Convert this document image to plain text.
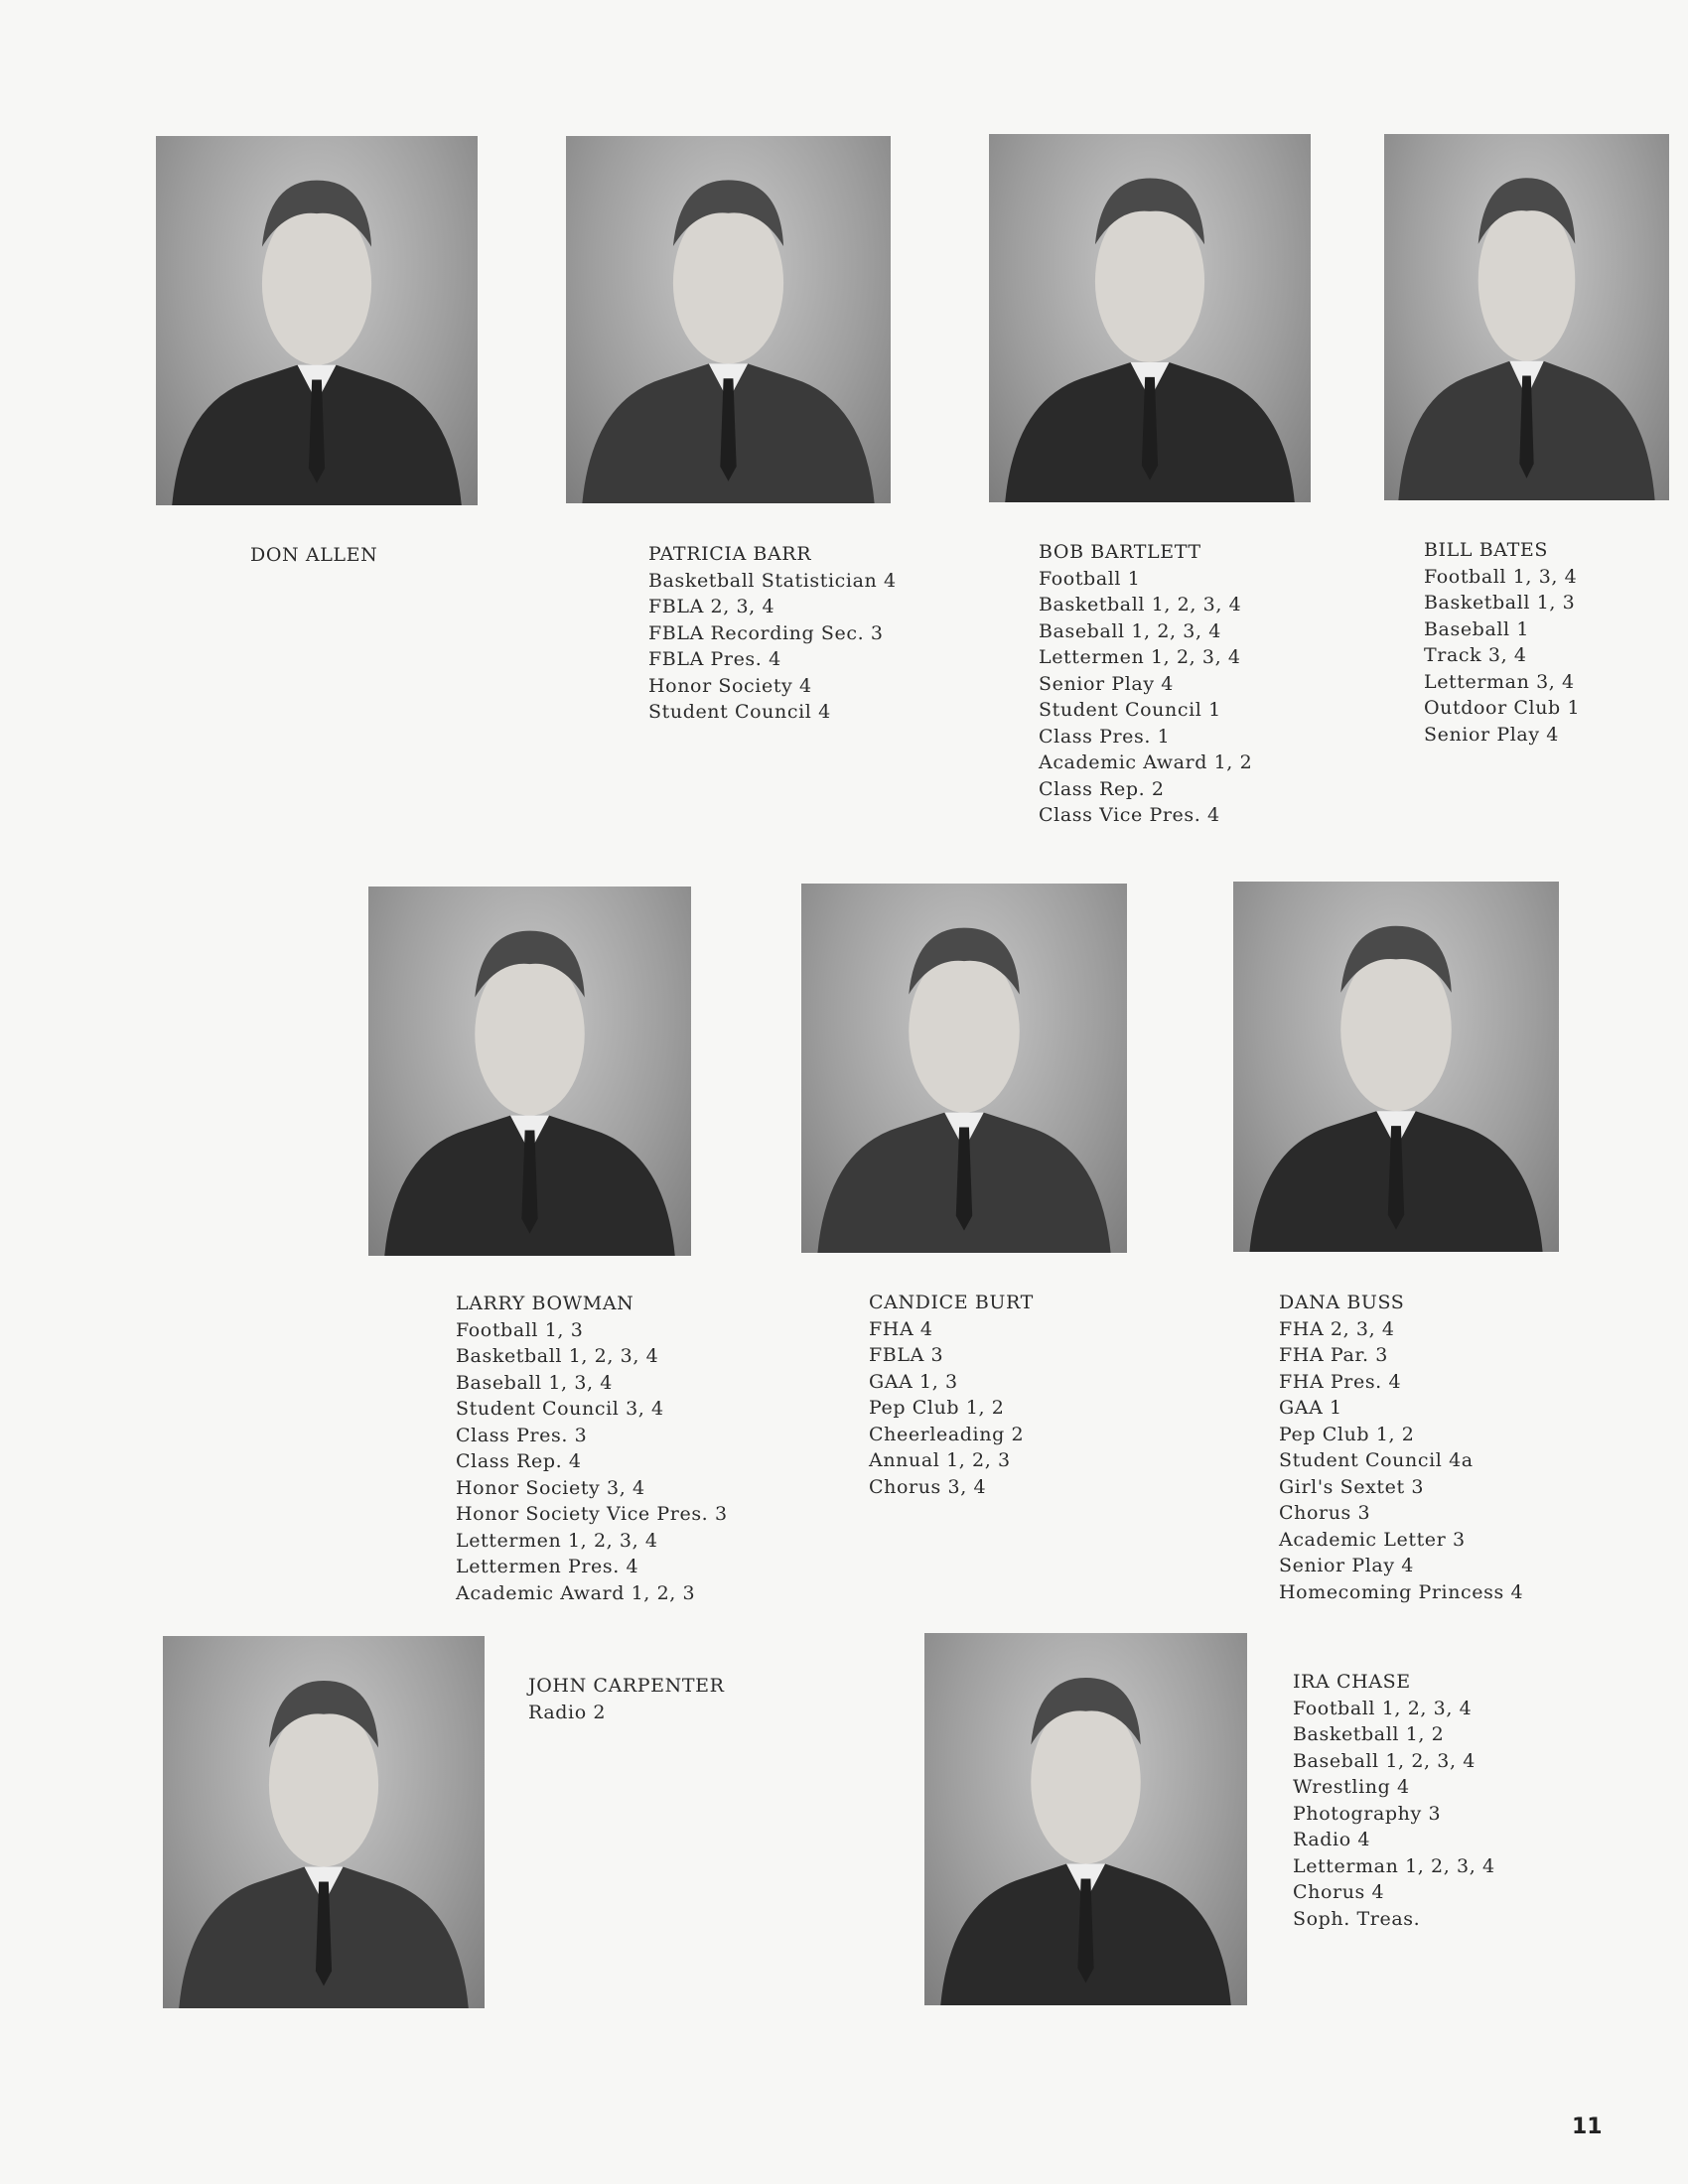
DON ALLEN	PATRICIA BARR
Basketball Statistician 4
FBLA 2, 3, 4
FBLA Recording Sec. 3
FBLA Pres. 4
Honor Society 4
Student Council 4
BOB BARTLETT
Football 1
Basketball 1, 2, 3, 4
Baseball 1, 2, 3, 4
Lettermen 1, 2, 3, 4
Senior Play 4
Student Council 1
Class Pres. 1
Academic Award 1, 2
Class Rep. 2
Class Vice Pres. 4
BILL BATES
Football 1, 3, 4
Basketball 1, 3
Baseball 1
Track 3, 4
Letterman 3, 4
Outdoor Club 1
Senior Play 4
LARRY BOWMAN
Football 1, 3
Basketball 1, 2, 3, 4
Baseball 1, 3, 4
Student Council 3, 4
Class Pres. 3
Class Rep. 4
Honor Society 3, 4
Honor Society Vice Pres. 3
Lettermen 1, 2, 3, 4
Lettermen Pres. 4
Academic Award 1, 2, 3
CANDICE BURT
FHA 4
FBLA 3
GAA 1, 3
Pep Club 1, 2
Cheerleading 2
Annual 1, 2, 3
Chorus 3, 4
DANA BUSS
FHA 2, 3, 4
FHA Par. 3
FHA Pres. 4
GAA 1
Pep Club 1, 2
Student Council 4a
Girl's Sextet 3
Chorus 3
Academic Letter 3
Senior Play 4
Homecoming Princess 4
JOHN CARPENTER
Radio 2
IRA CHASE
Football 1, 2, 3, 4
Basketball 1, 2
Baseball 1, 2, 3, 4
Wrestling 4
Photography 3
Radio 4
Letterman 1, 2, 3, 4
Chorus 4
Soph. Treas.
11
